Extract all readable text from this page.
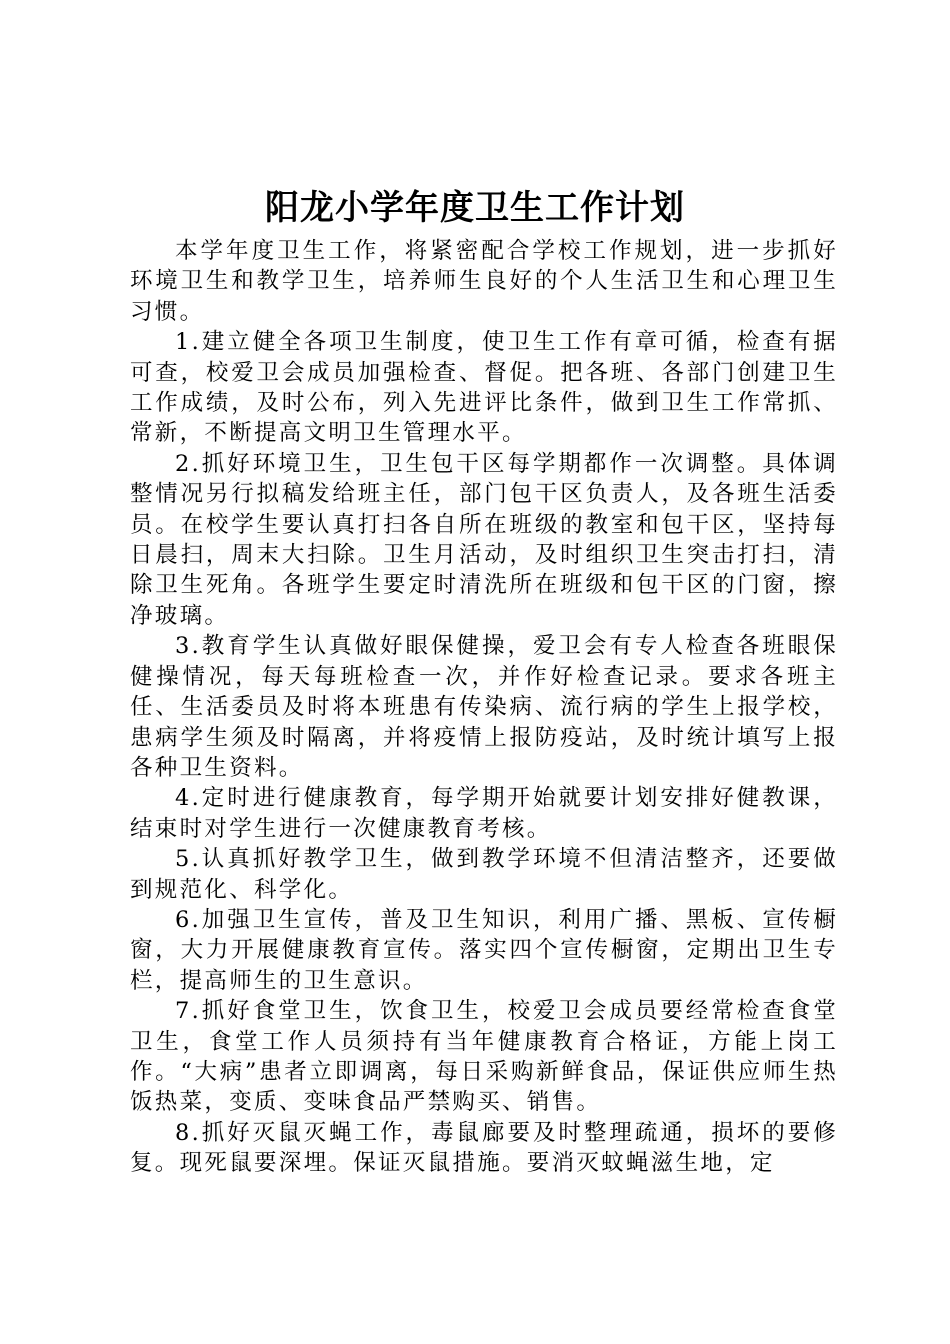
阳龙小学年度卫生工作计划

本学年度卫生工作，将紧密配合学校工作规划，进一步抓好环境卫生和教学卫生，培养师生良好的个人生活卫生和心理卫生习惯。

1.建立健全各项卫生制度，使卫生工作有章可循，检查有据可查，校爱卫会成员加强检查、督促。把各班、各部门创建卫生工作成绩，及时公布，列入先进评比条件，做到卫生工作常抓、常新，不断提高文明卫生管理水平。

2.抓好环境卫生，卫生包干区每学期都作一次调整。具体调整情况另行拟稿发给班主任，部门包干区负责人，及各班生活委员。在校学生要认真打扫各自所在班级的教室和包干区，坚持每日晨扫，周末大扫除。卫生月活动，及时组织卫生突击打扫，清除卫生死角。各班学生要定时清洗所在班级和包干区的门窗，擦净玻璃。

3.教育学生认真做好眼保健操，爱卫会有专人检查各班眼保健操情况，每天每班检查一次，并作好检查记录。要求各班主任、生活委员及时将本班患有传染病、流行病的学生上报学校，患病学生须及时隔离，并将疫情上报防疫站，及时统计填写上报各种卫生资料。

4.定时进行健康教育，每学期开始就要计划安排好健教课，结束时对学生进行一次健康教育考核。

5.认真抓好教学卫生，做到教学环境不但清洁整齐，还要做到规范化、科学化。

6.加强卫生宣传，普及卫生知识，利用广播、黑板、宣传橱窗，大力开展健康教育宣传。落实四个宣传橱窗，定期出卫生专栏，提高师生的卫生意识。

7.抓好食堂卫生，饮食卫生，校爱卫会成员要经常检查食堂卫生，食堂工作人员须持有当年健康教育合格证，方能上岗工作。“大病”患者立即调离，每日采购新鲜食品，保证供应师生热饭热菜，变质、变味食品严禁购买、销售。

8.抓好灭鼠灭蝇工作，毒鼠廊要及时整理疏通，损坏的要修复。现死鼠要深埋。保证灭鼠措施。要消灭蚊蝇滋生地，定
